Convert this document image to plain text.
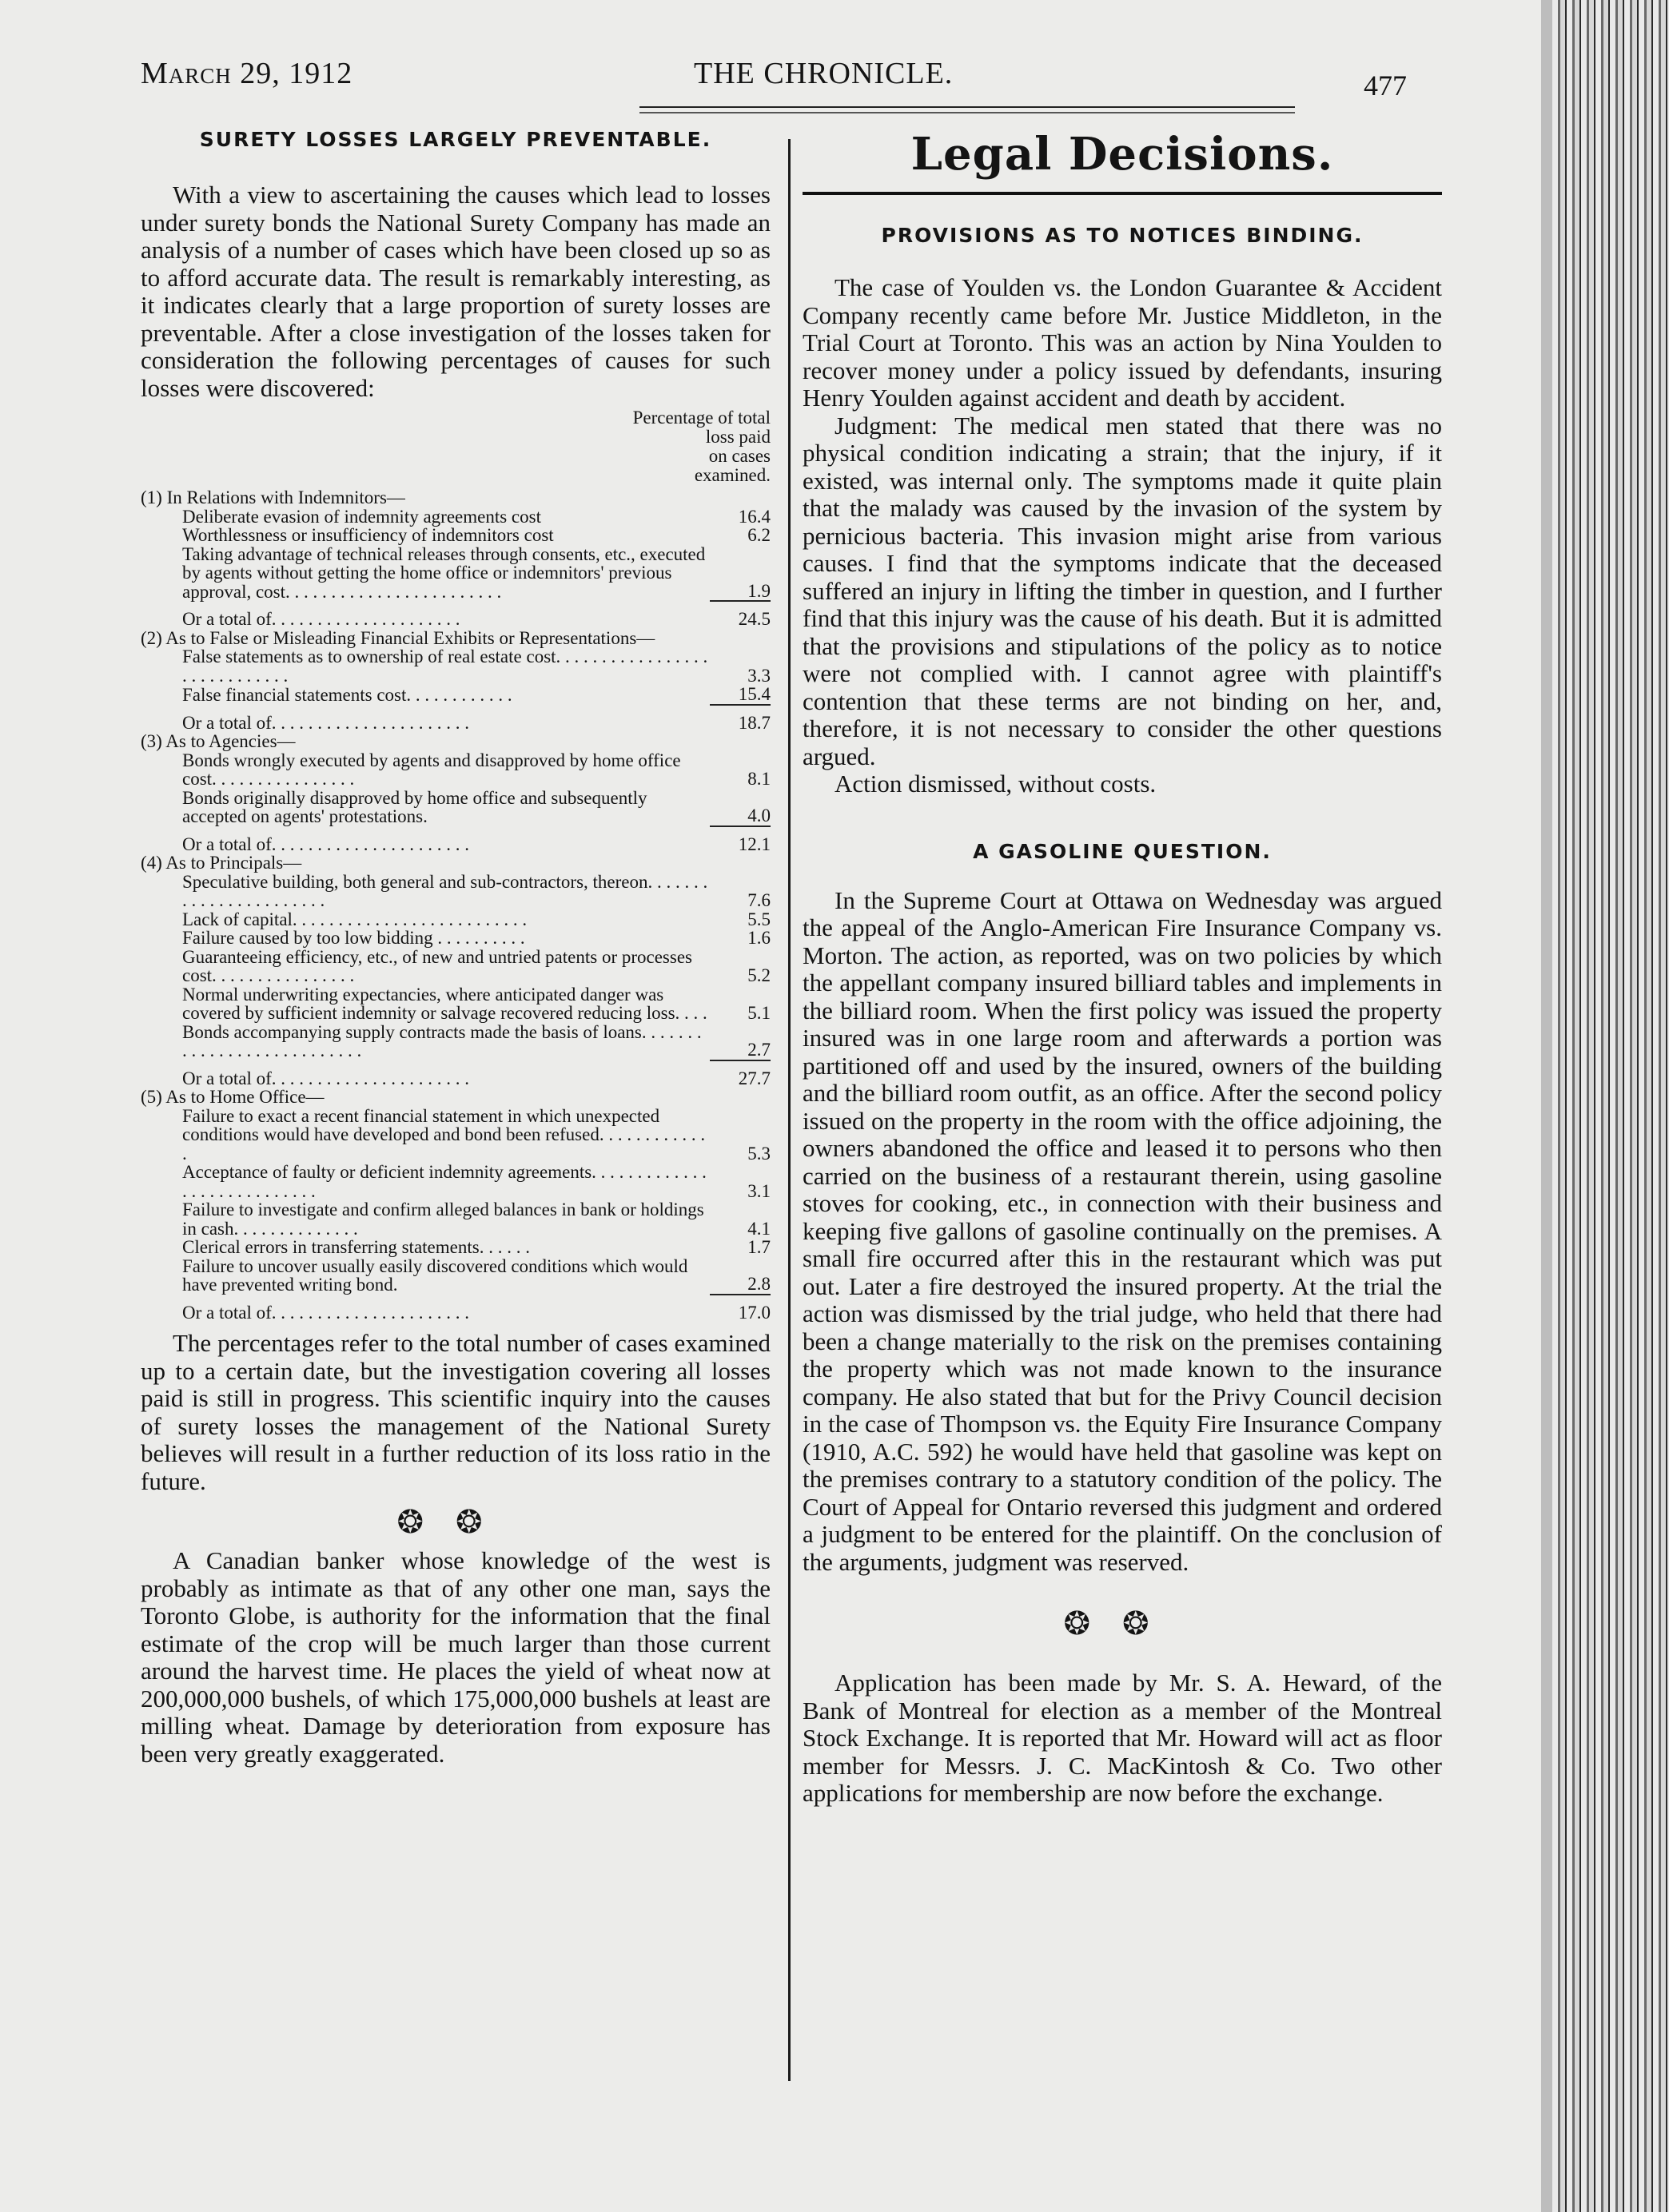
March 29, 1912	THE CHRONICLE.	477

SURETY LOSSES LARGELY PREVENTABLE.

With a view to ascertaining the causes which lead to losses under surety bonds the National Surety Company has made an analysis of a number of cases which have been closed up so as to afford accurate data. The result is remarkably interesting, as it indicates clearly that a large proportion of surety losses are preventable. After a close investigation of the losses taken for consideration the following percentages of causes for such losses were discovered:

Percentage of total
loss paid
on cases
examined.
(1) In Relations with Indemnitors—	
Deliberate evasion of indemnity agreements cost	16.4
Worthlessness or insufficiency of indemnitors cost	6.2
Taking advantage of technical releases through consents, etc., executed by agents without getting the home office or indemnitors' previous approval, cost. . . . . . . . . . . . . . . . . . . . . . . .	1.9
Or a total of. . . . . . . . . . . . . . . . . . . . .	24.5
(2) As to False or Misleading Financial Exhibits or Representations—	
False statements as to ownership of real estate cost. . . . . . . . . . . . . . . . . . . . . . . . . . . . .	3.3
False financial statements cost. . . . . . . . . . . .	15.4
Or a total of. . . . . . . . . . . . . . . . . . . . . .	18.7
(3) As to Agencies—	
Bonds wrongly executed by agents and disapproved by home office cost. . . . . . . . . . . . . . . .	8.1
Bonds originally disapproved by home office and subsequently accepted on agents' protestations.	4.0
Or a total of. . . . . . . . . . . . . . . . . . . . . .	12.1
(4) As to Principals—	
Speculative building, both general and sub-contractors, thereon. . . . . . . . . . . . . . . . . . . . . . .	7.6
Lack of capital. . . . . . . . . . . . . . . . . . . . . . . . . .	5.5
Failure caused by too low bidding . . . . . . . . . .	1.6
Guaranteeing efficiency, etc., of new and untried patents or processes cost. . . . . . . . . . . . . . . .	5.2
Normal underwriting expectancies, where anticipated danger was covered by sufficient indemnity or salvage recovered reducing loss. . . .	5.1
Bonds accompanying supply contracts made the basis of loans. . . . . . . . . . . . . . . . . . . . . . . . . . .	2.7
Or a total of. . . . . . . . . . . . . . . . . . . . . .	27.7
(5) As to Home Office—	
Failure to exact a recent financial statement in which unexpected conditions would have developed and bond been refused. . . . . . . . . . . . .	5.3
Acceptance of faulty or deficient indemnity agreements. . . . . . . . . . . . . . . . . . . . . . . . . . . .	3.1
Failure to investigate and confirm alleged balances in bank or holdings in cash. . . . . . . . . . . . . .	4.1
Clerical errors in transferring statements. . . . . .	1.7
Failure to uncover usually easily discovered conditions which would have prevented writing bond.	2.8
Or a total of. . . . . . . . . . . . . . . . . . . . . .	17.0

The percentages refer to the total number of cases examined up to a certain date, but the investigation covering all losses paid is still in progress. This scientific inquiry into the causes of surety losses the management of the National Surety believes will result in a further reduction of its loss ratio in the future.

❂❂

A Canadian banker whose knowledge of the west is probably as intimate as that of any other one man, says the Toronto Globe, is authority for the information that the final estimate of the crop will be much larger than those current around the harvest time. He places the yield of wheat now at 200,000,000 bushels, of which 175,000,000 bushels at least are milling wheat. Damage by deterioration from exposure has been very greatly exaggerated.

Legal Decisions.

PROVISIONS AS TO NOTICES BINDING.

The case of Youlden vs. the London Guarantee & Accident Company recently came before Mr. Justice Middleton, in the Trial Court at Toronto. This was an action by Nina Youlden to recover money under a policy issued by defendants, insuring Henry Youlden against accident and death by accident.

Judgment: The medical men stated that there was no physical condition indicating a strain; that the injury, if it existed, was internal only. The symptoms made it quite plain that the malady was caused by the invasion of the system by pernicious bacteria. This invasion might arise from various causes. I find that the symptoms indicate that the deceased suffered an injury in lifting the timber in question, and I further find that this injury was the cause of his death. But it is admitted that the provisions and stipulations of the policy as to notice were not complied with. I cannot agree with plaintiff's contention that these terms are not binding on her, and, therefore, it is not necessary to consider the other questions argued.

Action dismissed, without costs.

A GASOLINE QUESTION.

In the Supreme Court at Ottawa on Wednesday was argued the appeal of the Anglo-American Fire Insurance Company vs. Morton. The action, as reported, was on two policies by which the appellant company insured billiard tables and implements in the billiard room. When the first policy was issued the property insured was in one large room and afterwards a portion was partitioned off and used by the insured, owners of the building and the billiard room outfit, as an office. After the second policy issued on the property in the room with the office adjoining, the owners abandoned the office and leased it to persons who then carried on the business of a restaurant therein, using gasoline stoves for cooking, etc., in connection with their business and keeping five gallons of gasoline continually on the premises. A small fire occurred after this in the restaurant which was put out. Later a fire destroyed the insured property. At the trial the action was dismissed by the trial judge, who held that there had been a change materially to the risk on the premises containing the property which was not made known to the insurance company. He also stated that but for the Privy Council decision in the case of Thompson vs. the Equity Fire Insurance Company (1910, A.C. 592) he would have held that gasoline was kept on the premises contrary to a statutory condition of the policy. The Court of Appeal for Ontario reversed this judgment and ordered a judgment to be entered for the plaintiff. On the conclusion of the arguments, judgment was reserved.

❂❂

Application has been made by Mr. S. A. Heward, of the Bank of Montreal for election as a member of the Montreal Stock Exchange. It is reported that Mr. Howard will act as floor member for Messrs. J. C. MacKintosh & Co. Two other applications for membership are now before the exchange.
